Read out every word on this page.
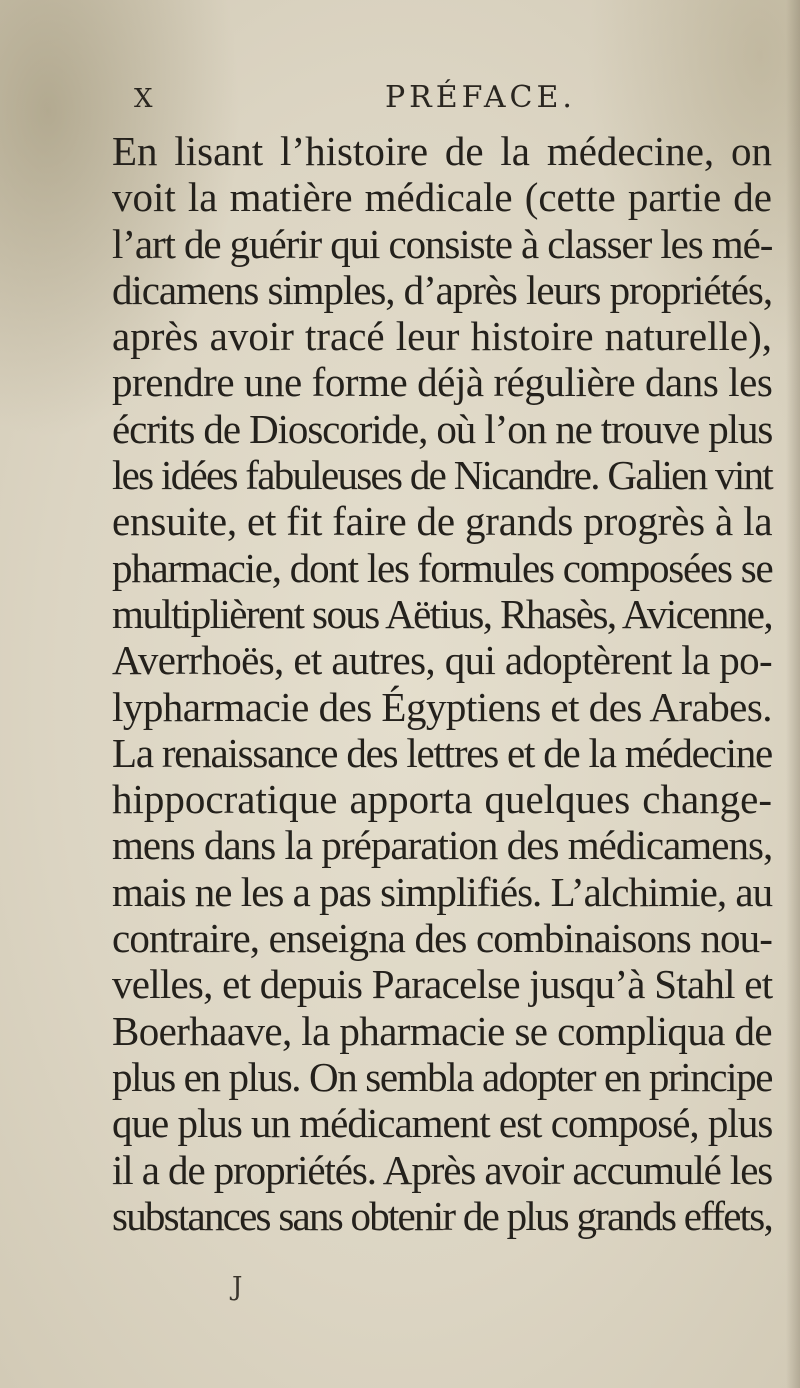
X	PRÉFACE.
En lisant l’histoire de la médecine, on
voit la matière médicale (cette partie de
l’art de guérir qui consiste à classer les mé-
dicamens simples, d’après leurs propriétés,
après avoir tracé leur histoire naturelle),
prendre une forme déjà régulière dans les
écrits de Dioscoride, où l’on ne trouve plus
les idées fabuleuses de Nicandre. Galien vint
ensuite, et fit faire de grands progrès à la
pharmacie, dont les formules composées se
multiplièrent sous Aëtius, Rhasès, Avicenne,
Averrhoës, et autres, qui adoptèrent la po-
lypharmacie des Égyptiens et des Arabes.
La renaissance des lettres et de la médecine
hippocratique apporta quelques change-
mens dans la préparation des médicamens,
mais ne les a pas simplifiés. L’alchimie, au
contraire, enseigna des combinaisons nou-
velles, et depuis Paracelse jusqu’à Stahl et
Boerhaave, la pharmacie se compliqua de
plus en plus. On sembla adopter en principe
que plus un médicament est composé, plus
il a de propriétés. Après avoir accumulé les
substances sans obtenir de plus grands effets,
J
